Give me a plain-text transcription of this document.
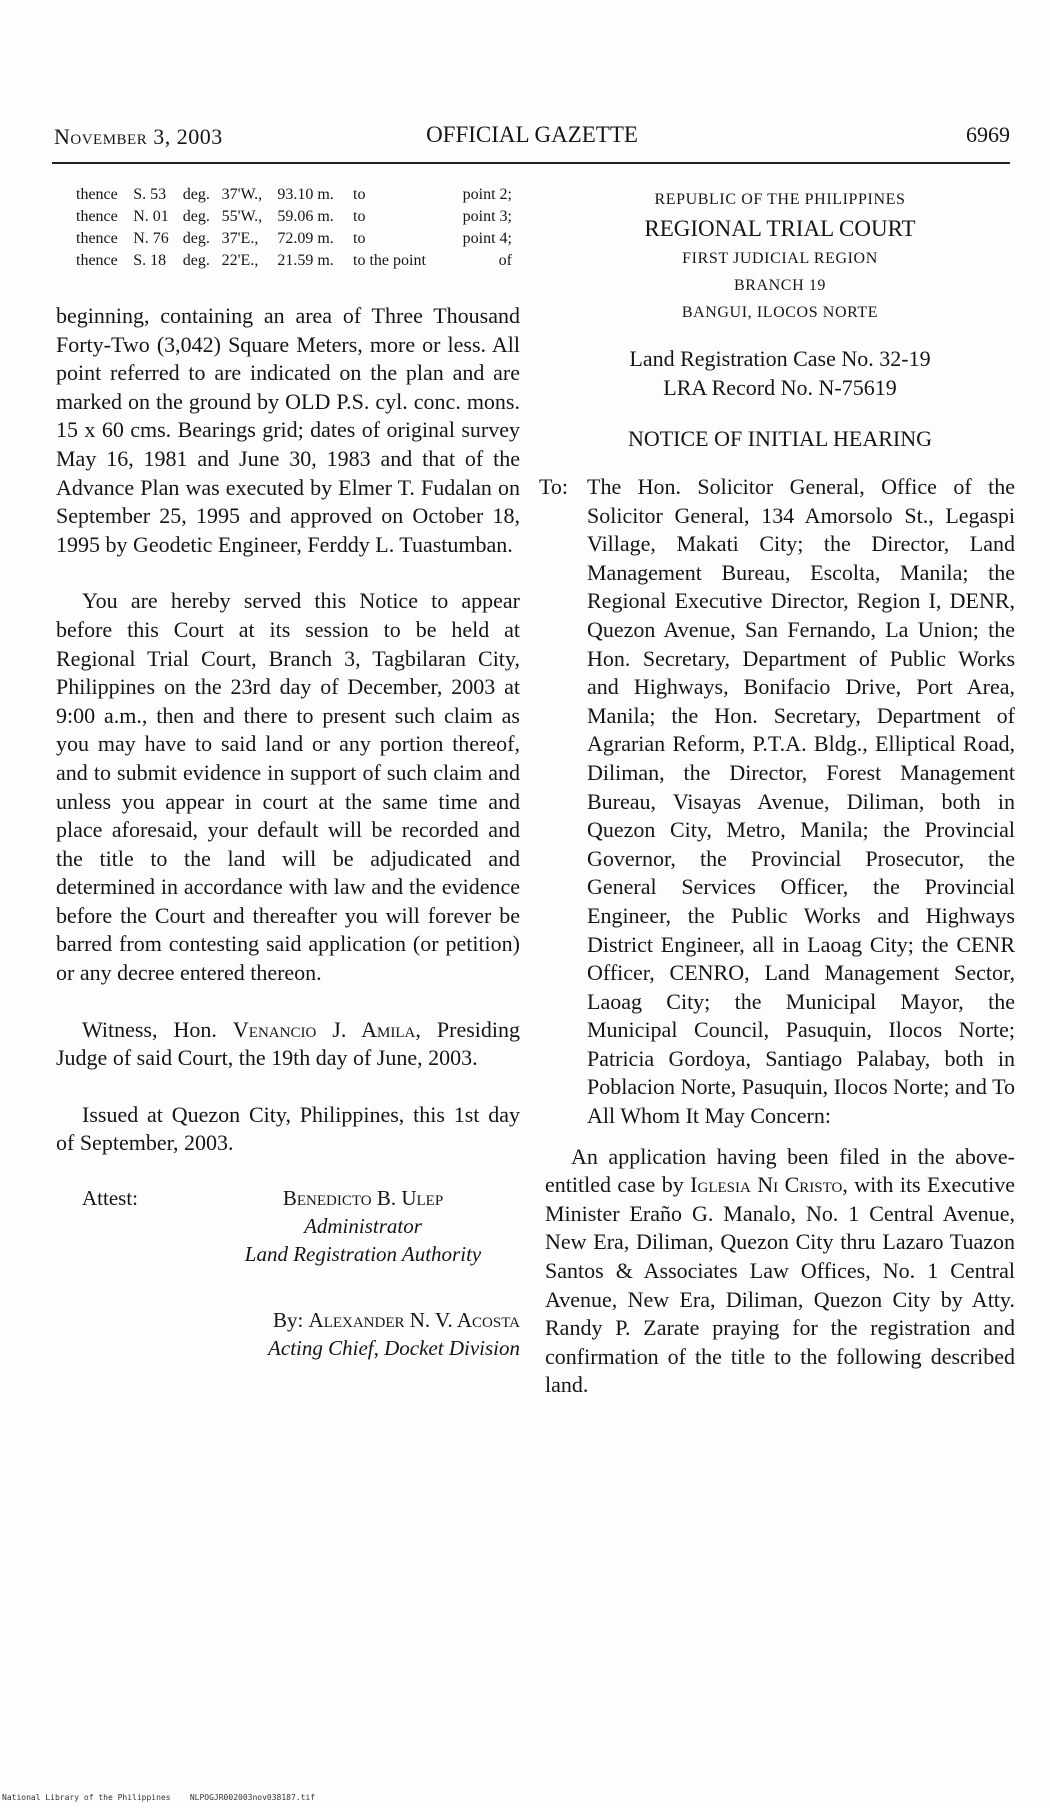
November 3, 2003	OFFICIAL GAZETTE	6969
thence	S. 53	deg.	37'W.,	93.10 m.	to	point 2;
thence	N. 01	deg.	55'W.,	59.06 m.	to	point 3;
thence	N. 76	deg.	37'E.,	72.09 m.	to	point 4;
thence	S. 18	deg.	22'E.,	21.59 m.	to the point	of

beginning, containing an area of Three Thousand Forty-Two (3,042) Square Meters, more or less. All point referred to are indicated on the plan and are marked on the ground by OLD P.S. cyl. conc. mons. 15 x 60 cms. Bearings grid; dates of original survey May 16, 1981 and June 30, 1983 and that of the Advance Plan was executed by Elmer T. Fudalan on September 25, 1995 and approved on October 18, 1995 by Geodetic Engineer, Ferddy L. Tuastumban.

You are hereby served this Notice to appear before this Court at its session to be held at Regional Trial Court, Branch 3, Tagbilaran City, Philippines on the 23rd day of December, 2003 at 9:00 a.m., then and there to present such claim as you may have to said land or any portion thereof, and to submit evidence in support of such claim and unless you appear in court at the same time and place aforesaid, your default will be recorded and the title to the land will be adjudicated and determined in accordance with law and the evidence before the Court and thereafter you will forever be barred from contesting said application (or petition) or any decree entered thereon.

Witness, Hon. Venancio J. Amila, Presiding Judge of said Court, the 19th day of June, 2003.

Issued at Quezon City, Philippines, this 1st day of September, 2003.

Attest:	Benedicto B. Ulep
Administrator
Land Registration Authority
By: Alexander N. V. Acosta
Acting Chief, Docket Division
REPUBLIC OF THE PHILIPPINES
REGIONAL TRIAL COURT
FIRST JUDICIAL REGION
BRANCH 19
BANGUI, ILOCOS NORTE
Land Registration Case No. 32-19
LRA Record No. N-75619
NOTICE OF INITIAL HEARING
To: The Hon. Solicitor General, Office of the Solicitor General, 134 Amorsolo St., Legaspi Village, Makati City; the Director, Land Management Bureau, Escolta, Manila; the Regional Executive Director, Region I, DENR, Quezon Avenue, San Fernando, La Union; the Hon. Secretary, Department of Public Works and Highways, Bonifacio Drive, Port Area, Manila; the Hon. Secretary, Department of Agrarian Reform, P.T.A. Bldg., Elliptical Road, Diliman, the Director, Forest Management Bureau, Visayas Avenue, Diliman, both in Quezon City, Metro, Manila; the Provincial Governor, the Provincial Prosecutor, the General Services Officer, the Provincial Engineer, the Public Works and Highways District Engineer, all in Laoag City; the CENR Officer, CENRO, Land Management Sector, Laoag City; the Municipal Mayor, the Municipal Council, Pasuquin, Ilocos Norte; Patricia Gordoya, Santiago Palabay, both in Poblacion Norte, Pasuquin, Ilocos Norte; and To All Whom It May Concern:

An application having been filed in the above-entitled case by Iglesia Ni Cristo, with its Executive Minister Eraño G. Manalo, No. 1 Central Avenue, New Era, Diliman, Quezon City thru Lazaro Tuazon Santos & Associates Law Offices, No. 1 Central Avenue, New Era, Diliman, Quezon City by Atty. Randy P. Zarate praying for the registration and confirmation of the title to the following described land.

National Library of the Philippines NLPOGJR002003nov038187.tif
